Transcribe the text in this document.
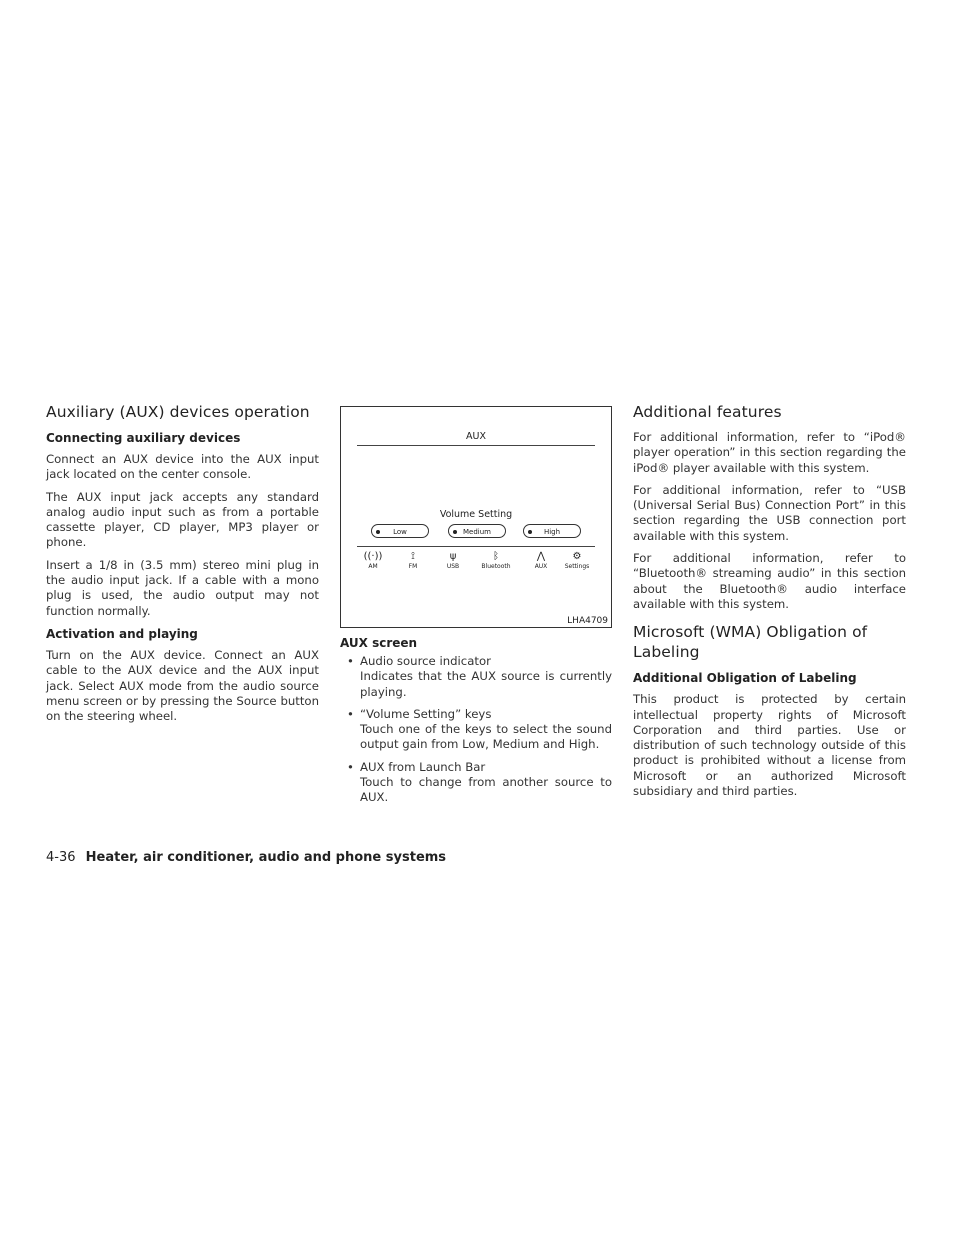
Auxiliary (AUX) devices operation
Connecting auxiliary devices

Connect an AUX device into the AUX input jack located on the center console.

The AUX input jack accepts any standard analog audio input such as from a portable cassette player, CD player, MP3 player or phone.

Insert a 1/8 in (3.5 mm) stereo mini plug in the audio input jack. If a cable with a mono plug is used, the audio output may not function normally.

Activation and playing

Turn on the AUX device. Connect an AUX cable to the AUX device and the AUX input jack. Select AUX mode from the audio source menu screen or by pressing the Source button on the steering wheel.

AUX
Volume Setting
Low	Medium	High
((·))
AM
⟟
FM
ψ
USB
ᛒ
Bluetooth
⋀
AUX
⚙
Settings
LHA4709
AUX screen
• Audio source indicator
Indicates that the AUX source is currently playing.
• “Volume Setting” keys
Touch one of the keys to select the sound output gain from Low, Medium and High.
• AUX from Launch Bar
Touch to change from another source to AUX.
Additional features

For additional information, refer to “iPod® player operation” in this section regarding the iPod® player available with this system.

For additional information, refer to “USB (Universal Serial Bus) Connection Port” in this section regarding the USB connection port available with this system.

For additional information, refer to “Bluetooth® streaming audio” in this section about the Bluetooth® audio interface available with this system.

Microsoft (WMA) Obligation of Labeling
Additional Obligation of Labeling

This product is protected by certain intellectual property rights of Microsoft Corporation and third parties. Use or distribution of such technology outside of this product is prohibited without a license from Microsoft or an authorized Microsoft subsidiary and third parties.

4-36 Heater, air conditioner, audio and phone systems
